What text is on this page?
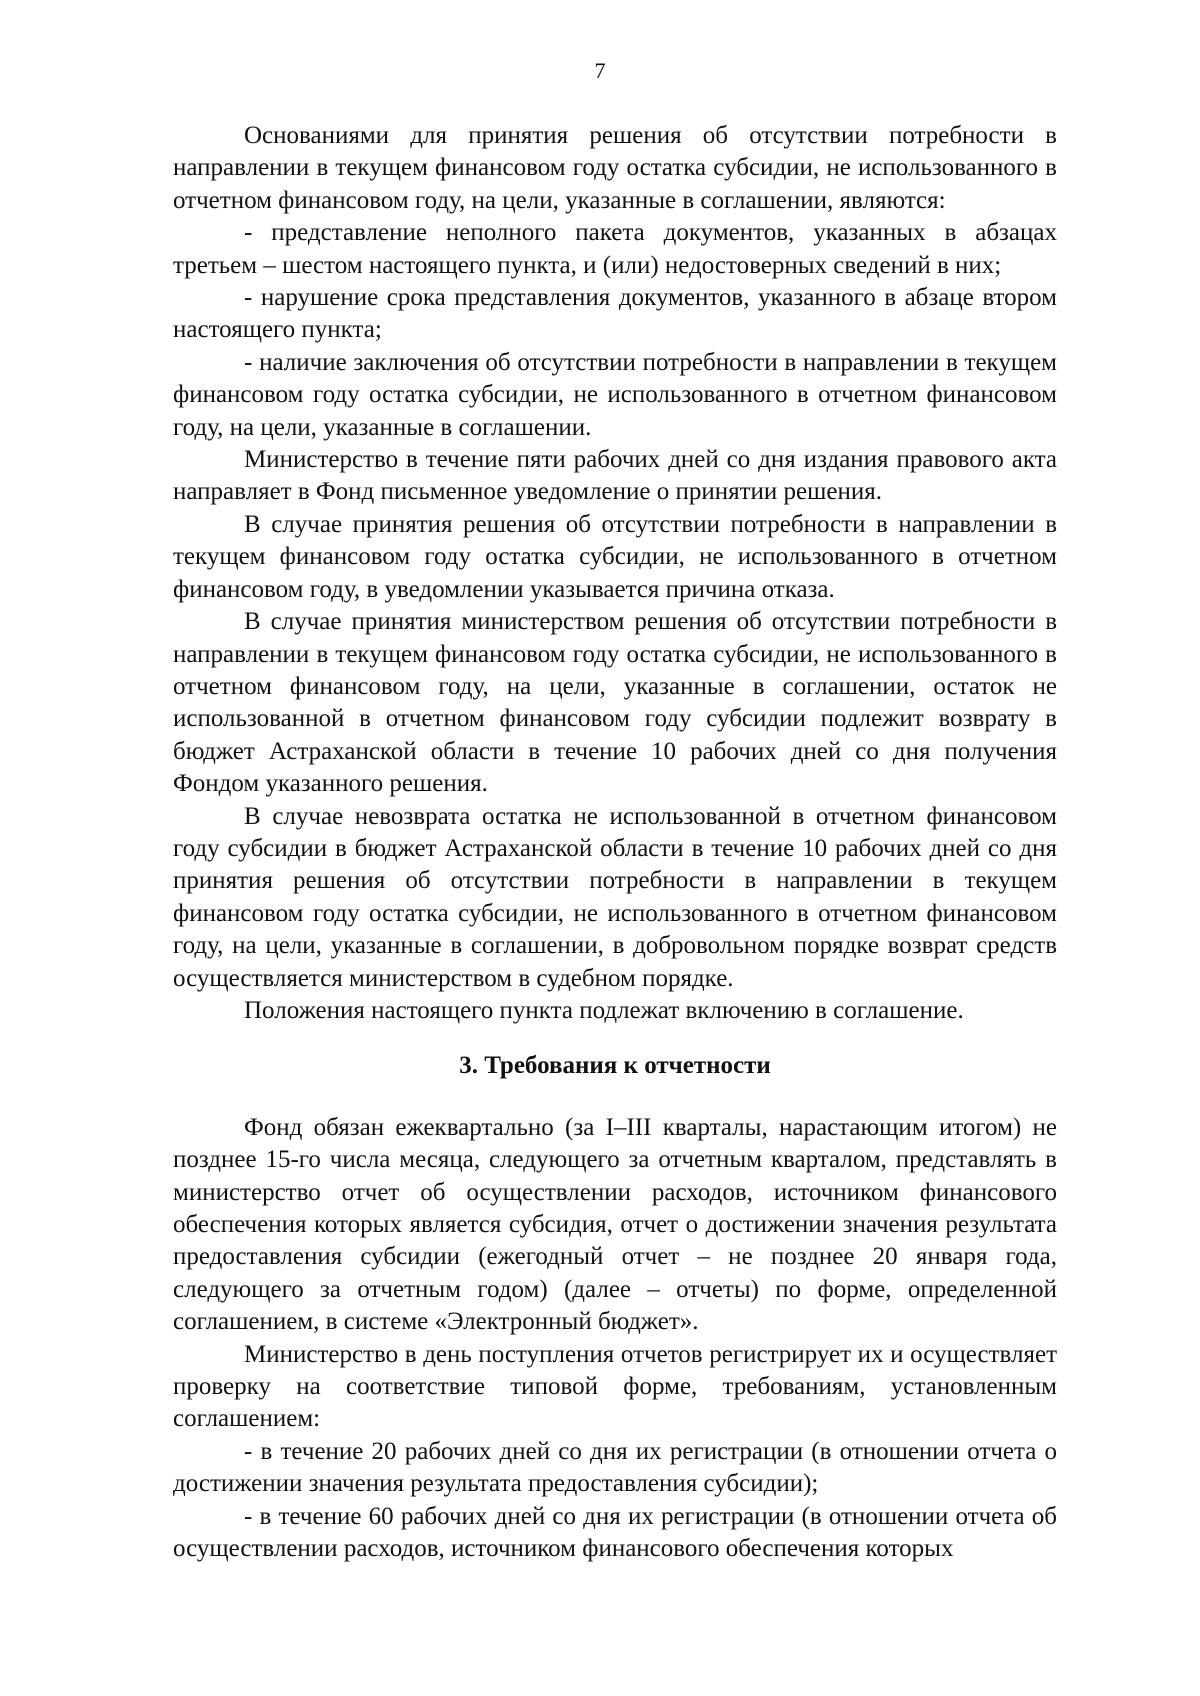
7

Основаниями для принятия решения об отсутствии потребности в направлении в текущем финансовом году остатка субсидии, не использованного в отчетном финансовом году, на цели, указанные в соглашении, являются:

- представление неполного пакета документов, указанных в абзацах третьем – шестом настоящего пункта, и (или) недостоверных сведений в них;

- нарушение срока представления документов, указанного в абзаце втором настоящего пункта;

- наличие заключения об отсутствии потребности в направлении в текущем финансовом году остатка субсидии, не использованного в отчетном финансовом году, на цели, указанные в соглашении.

Министерство в течение пяти рабочих дней со дня издания правового акта направляет в Фонд письменное уведомление о принятии решения.

В случае принятия решения об отсутствии потребности в направлении в текущем финансовом году остатка субсидии, не использованного в отчетном финансовом году, в уведомлении указывается причина отказа.

В случае принятия министерством решения об отсутствии потребности в направлении в текущем финансовом году остатка субсидии, не использованного в отчетном финансовом году, на цели, указанные в соглашении, остаток не использованной в отчетном финансовом году субсидии подлежит возврату в бюджет Астраханской области в течение 10 рабочих дней со дня получения Фондом указанного решения.

В случае невозврата остатка не использованной в отчетном финансовом году субсидии в бюджет Астраханской области в течение 10 рабочих дней со дня принятия решения об отсутствии потребности в направлении в текущем финансовом году остатка субсидии, не использованного в отчетном финансовом году, на цели, указанные в соглашении, в добровольном порядке возврат средств осуществляется министерством в судебном порядке.

Положения настоящего пункта подлежат включению в соглашение.

3. Требования к отчетности

Фонд обязан ежеквартально (за I–III кварталы, нарастающим итогом) не позднее 15-го числа месяца, следующего за отчетным кварталом, представлять в министерство отчет об осуществлении расходов, источником финансового обеспечения которых является субсидия, отчет о достижении значения результата предоставления субсидии (ежегодный отчет – не позднее 20 января года, следующего за отчетным годом) (далее – отчеты) по форме, определенной соглашением, в системе «Электронный бюджет».

Министерство в день поступления отчетов регистрирует их и осуществляет проверку на соответствие типовой форме, требованиям, установленным соглашением:

- в течение 20 рабочих дней со дня их регистрации (в отношении отчета о достижении значения результата предоставления субсидии);

- в течение 60 рабочих дней со дня их регистрации (в отношении отчета об осуществлении расходов, источником финансового обеспечения которых
